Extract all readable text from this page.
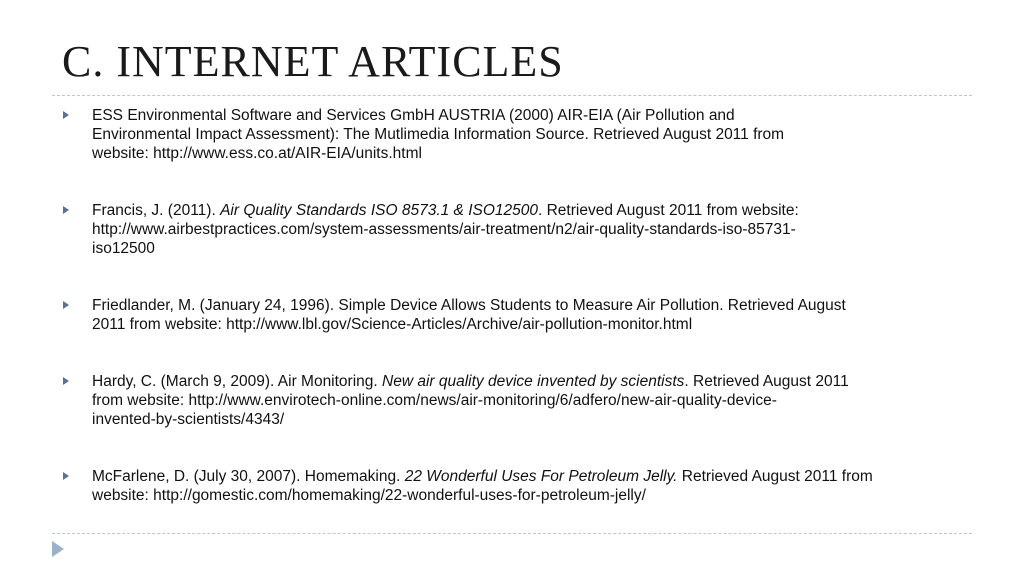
C. INTERNET ARTICLES
ESS Environmental Software and Services GmbH AUSTRIA (2000) AIR-EIA (Air Pollution and
Environmental Impact Assessment): The Mutlimedia Information Source. Retrieved August 2011 from
website: http://www.ess.co.at/AIR-EIA/units.html
Francis, J. (2011). Air Quality Standards ISO 8573.1 & ISO12500. Retrieved August 2011 from website:
http://www.airbestpractices.com/system-assessments/air-treatment/n2/air-quality-standards-iso-85731-
iso12500
Friedlander, M. (January 24, 1996). Simple Device Allows Students to Measure Air Pollution. Retrieved August
2011 from website: http://www.lbl.gov/Science-Articles/Archive/air-pollution-monitor.html
Hardy, C. (March 9, 2009). Air Monitoring. New air quality device invented by scientists. Retrieved August 2011
from website: http://www.envirotech-online.com/news/air-monitoring/6/adfero/new-air-quality-device-
invented-by-scientists/4343/
McFarlene, D. (July 30, 2007). Homemaking. 22 Wonderful Uses For Petroleum Jelly. Retrieved August 2011 from
website: http://gomestic.com/homemaking/22-wonderful-uses-for-petroleum-jelly/
